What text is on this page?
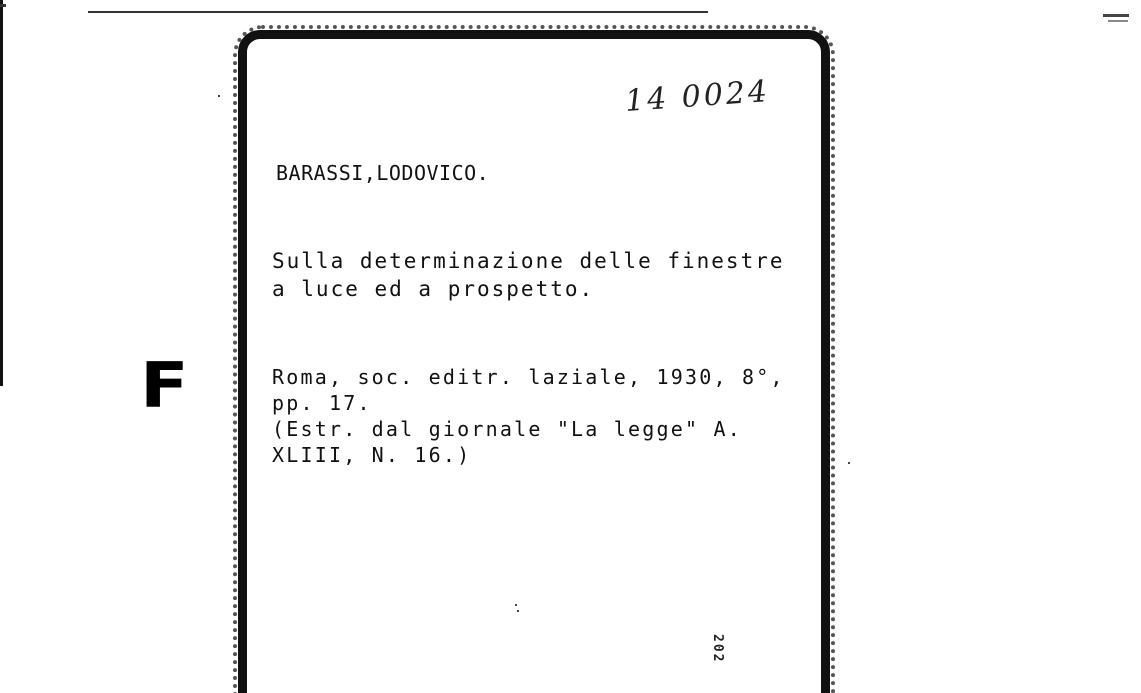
F
14 0024
BARASSI,LODOVICO.
Sulla determinazione delle finestre
a luce ed a prospetto.
Roma, soc. editr. laziale, 1930, 8°,
pp. 17.
(Estr. dal giornale "La legge" A.
XLIII, N. 16.)
202
